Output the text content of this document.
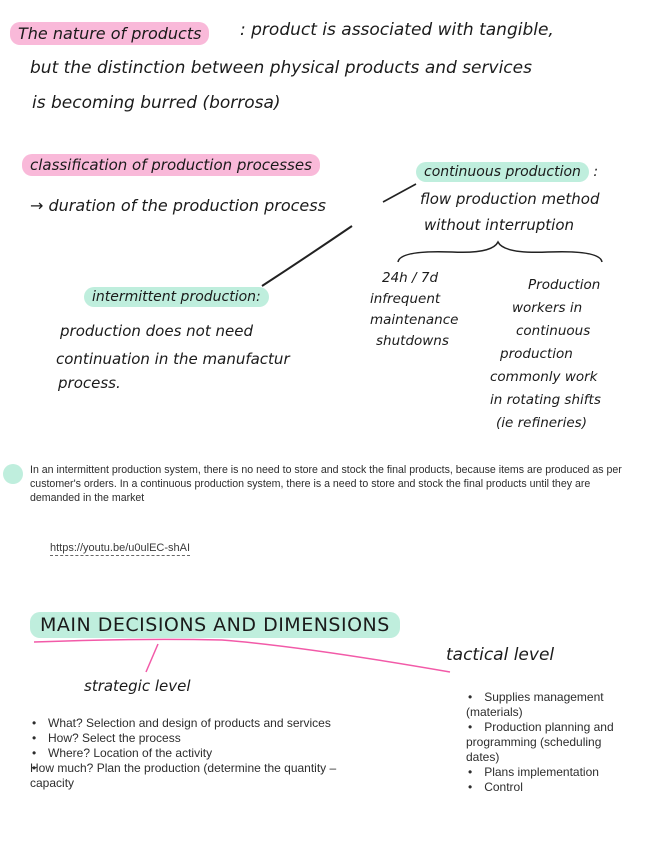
The nature of products	: product is associated with tangible,
but the distinction between physical products and services
is becoming burred (borrosa)
classification of production processes
→ duration of the production process
continuous production :
flow production method
without interruption
24h / 7d
infrequent
maintenance
shutdowns
Production
workers in
continuous
production
commonly work
in rotating shifts
(ie refineries)
intermittent production:
production does not need
continuation in the manufactur
process.
In an intermittent production system, there is no need to store and stock the final products, because items are produced as per customer's orders. In a continuous production system, there is a need to store and stock the final products until they are demanded in the market
https://youtu.be/u0ulEC-shAI
MAIN DECISIONS AND DIMENSIONS
tactical level
strategic level
• What? Selection and design of products and services
• How? Select the process
• Where? Location of the activity
• How much? Plan the production (determine the quantity – capacity
• Supplies management (materials)
• Production planning and programming (scheduling dates)
• Plans implementation
• Control
